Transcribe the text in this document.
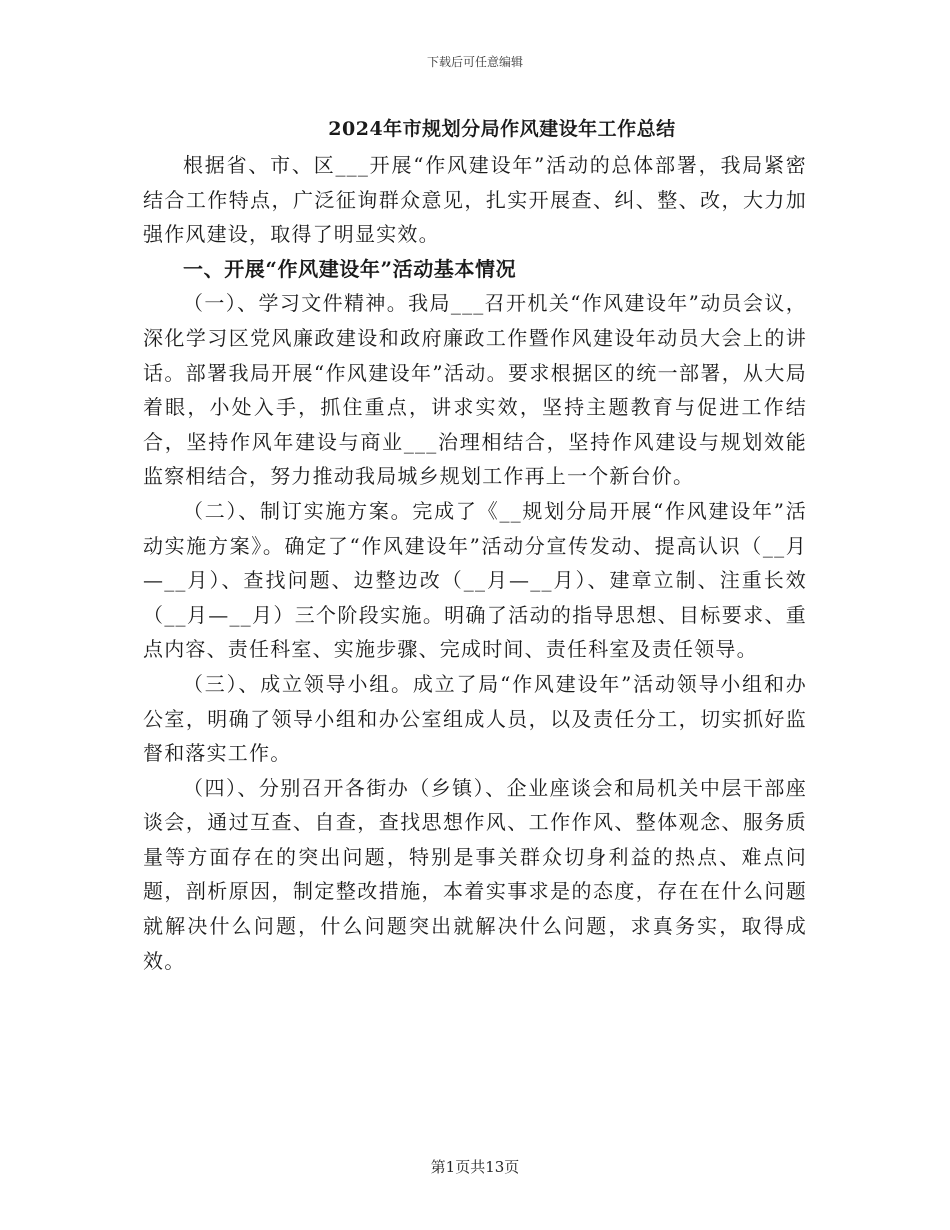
下载后可任意编辑
2024年市规划分局作风建设年工作总结

根据省、市、区___开展“作风建设年”活动的总体部署，我局紧密结合工作特点，广泛征询群众意见，扎实开展查、纠、整、改，大力加强作风建设，取得了明显实效。

一、开展“作风建设年”活动基本情况

（一）、学习文件精神。我局___召开机关“作风建设年”动员会议，深化学习区党风廉政建设和政府廉政工作暨作风建设年动员大会上的讲话。部署我局开展“作风建设年”活动。要求根据区的统一部署，从大局着眼，小处入手，抓住重点，讲求实效，坚持主题教育与促进工作结合，坚持作风年建设与商业___治理相结合，坚持作风建设与规划效能监察相结合，努力推动我局城乡规划工作再上一个新台价。

（二）、制订实施方案。完成了《__规划分局开展“作风建设年”活动实施方案》。确定了“作风建设年”活动分宣传发动、提高认识（__月—__月）、查找问题、边整边改（__月—__月）、建章立制、注重长效（__月—__月）三个阶段实施。明确了活动的指导思想、目标要求、重点内容、责任科室、实施步骤、完成时间、责任科室及责任领导。

（三）、成立领导小组。成立了局“作风建设年”活动领导小组和办公室，明确了领导小组和办公室组成人员，以及责任分工，切实抓好监督和落实工作。

（四）、分别召开各街办（乡镇）、企业座谈会和局机关中层干部座谈会，通过互查、自查，查找思想作风、工作作风、整体观念、服务质量等方面存在的突出问题，特别是事关群众切身利益的热点、难点问题，剖析原因，制定整改措施，本着实事求是的态度，存在在什么问题就解决什么问题，什么问题突出就解决什么问题，求真务实，取得成效。

第1页共13页
